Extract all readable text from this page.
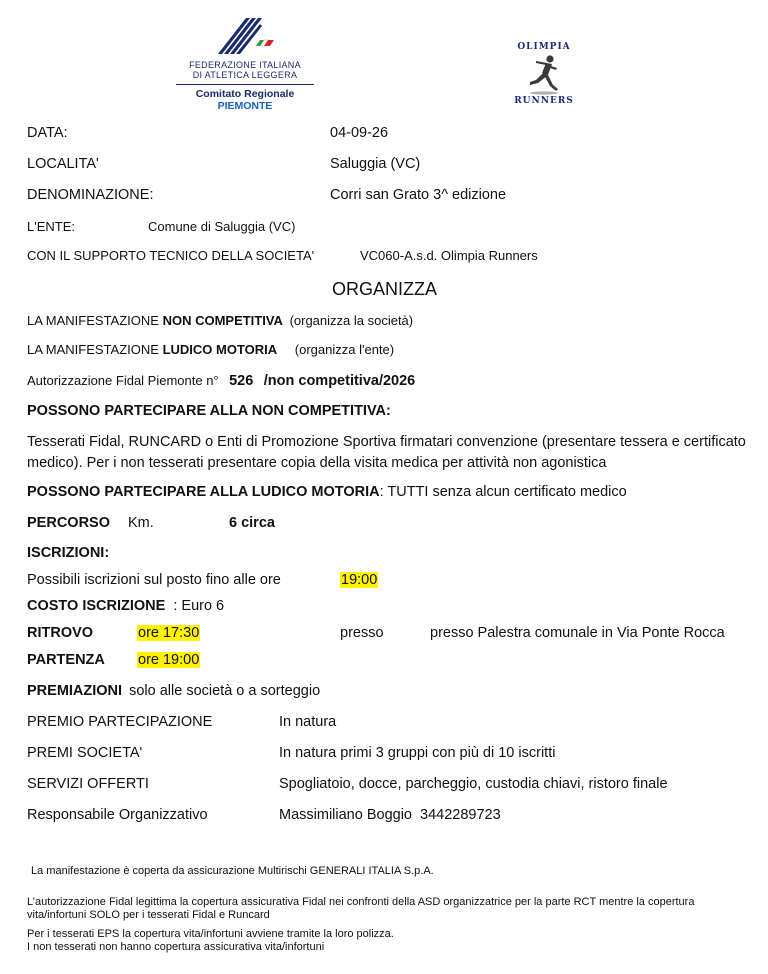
FEDERAZIONE ITALIANA
DI ATLETICA LEGGERA
Comitato Regionale PIEMONTE
OLIMPIA
RUNNERS
DATA:	04-09-26
LOCALITA'	Saluggia (VC)
DENOMINAZIONE:	Corri san Grato 3^ edizione
L'ENTE:	Comune di Saluggia (VC)
CON IL SUPPORTO TECNICO DELLA SOCIETA'	VC060-A.s.d. Olimpia Runners
ORGANIZZA
LA MANIFESTAZIONE NON COMPETITIVA (organizza la società)
LA MANIFESTAZIONE LUDICO MOTORIA (organizza l'ente)
Autorizzazione Fidal Piemonte n° 526 /non competitiva/2026
POSSONO PARTECIPARE ALLA NON COMPETITIVA:
Tesserati Fidal, RUNCARD o Enti di Promozione Sportiva firmatari convenzione (presentare tessera e certificato medico). Per i non tesserati presentare copia della visita medica per attività non agonistica
POSSONO PARTECIPARE ALLA LUDICO MOTORIA: TUTTI senza alcun certificato medico
PERCORSO Km.	6 circa
ISCRIZIONI:
Possibili iscrizioni sul posto fino alle ore	19:00
COSTO ISCRIZIONE : Euro 6
RITROVO	ore 17:30	presso	presso Palestra comunale in Via Ponte Rocca
PARTENZA ore 19:00
PREMIAZIONI solo alle società o a sorteggio
PREMIO PARTECIPAZIONE	In natura
PREMI SOCIETA'	In natura primi 3 gruppi con più di 10 iscritti
SERVIZI OFFERTI	Spogliatoio, docce, parcheggio, custodia chiavi, ristoro finale
Responsabile Organizzativo	Massimiliano Boggio  3442289723
La manifestazione è coperta da assicurazione Multirischi GENERALI ITALIA S.p.A.
L’autorizzazione Fidal legittima la copertura assicurativa Fidal nei confronti della ASD organizzatrice per la parte RCT mentre la copertura vita/infortuni SOLO per i tesserati Fidal e Runcard
Per i tesserati EPS la copertura vita/infortuni avviene tramite la loro polizza.
I non tesserati non hanno copertura assicurativa vita/infortuni
